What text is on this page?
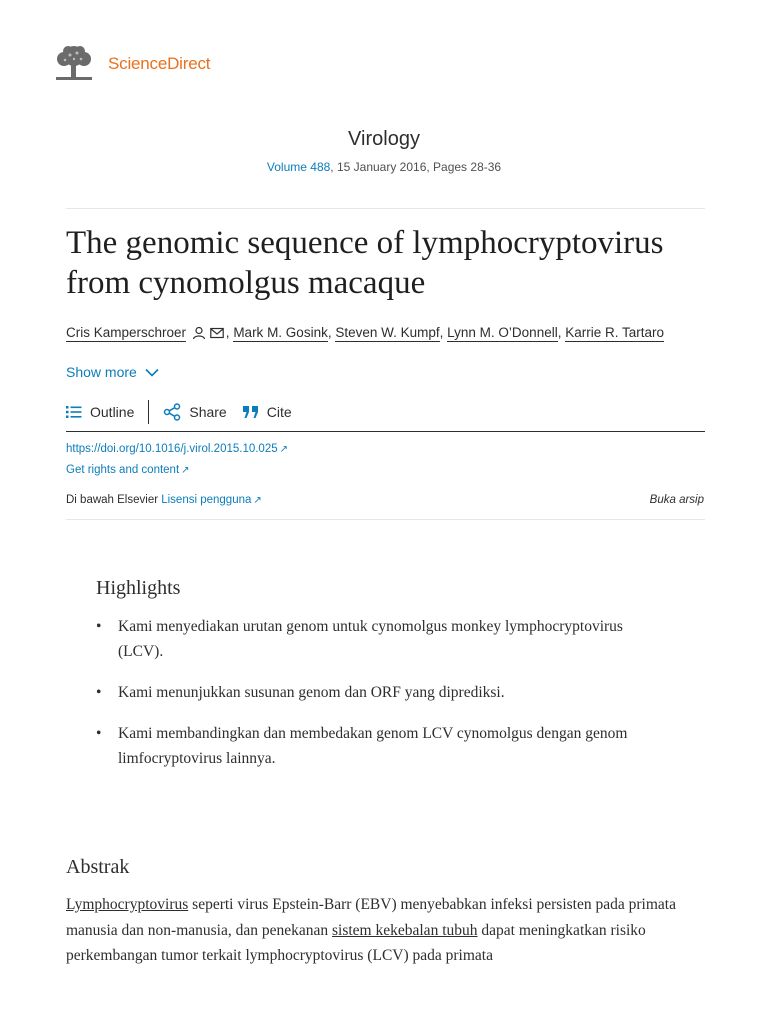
ScienceDirect
Virology
Volume 488, 15 January 2016, Pages 28-36
The genomic sequence of lymphocryptovirus from cynomolgus macaque
Cris Kamperschroer	, Mark M. Gosink, Steven W. Kumpf, Lynn M. O’Donnell, Karrie R. Tartaro
Show more
Outline	Share	Cite
https://doi.org/10.1016/j.virol.2015.10.025 ↗
Get rights and content ↗
Di bawah Elsevier Lisensi pengguna ↗	Buka arsip
Highlights
• Kami menyediakan urutan genom untuk cynomolgus monkey lymphocryptovirus (LCV).
• Kami menunjukkan susunan genom dan ORF yang diprediksi.
• Kami membandingkan dan membedakan genom LCV cynomolgus dengan genom limfocryptovirus lainnya.
Abstrak
Lymphocryptovirus seperti virus Epstein-Barr (EBV) menyebabkan infeksi persisten pada primata manusia dan non-manusia, dan penekanan sistem kekebalan tubuh dapat meningkatkan risiko perkembangan tumor terkait lymphocryptovirus (LCV) pada primata
